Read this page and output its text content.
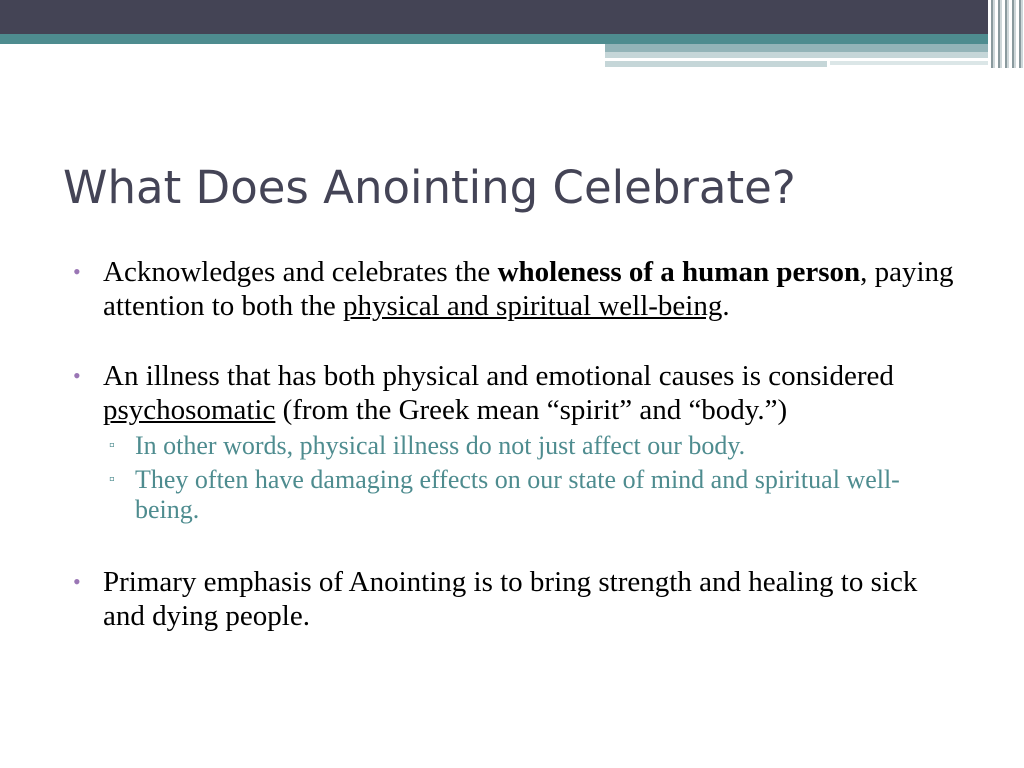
What Does Anointing Celebrate?
• Acknowledges and celebrates the wholeness of a human person, paying attention to both the physical and spiritual well-being.
• An illness that has both physical and emotional causes is considered psychosomatic (from the Greek mean “spirit” and “body.”)
▫ In other words, physical illness do not just affect our body.
▫ They often have damaging effects on our state of mind and spiritual well-being.
• Primary emphasis of Anointing is to bring strength and healing to sick and dying people.
